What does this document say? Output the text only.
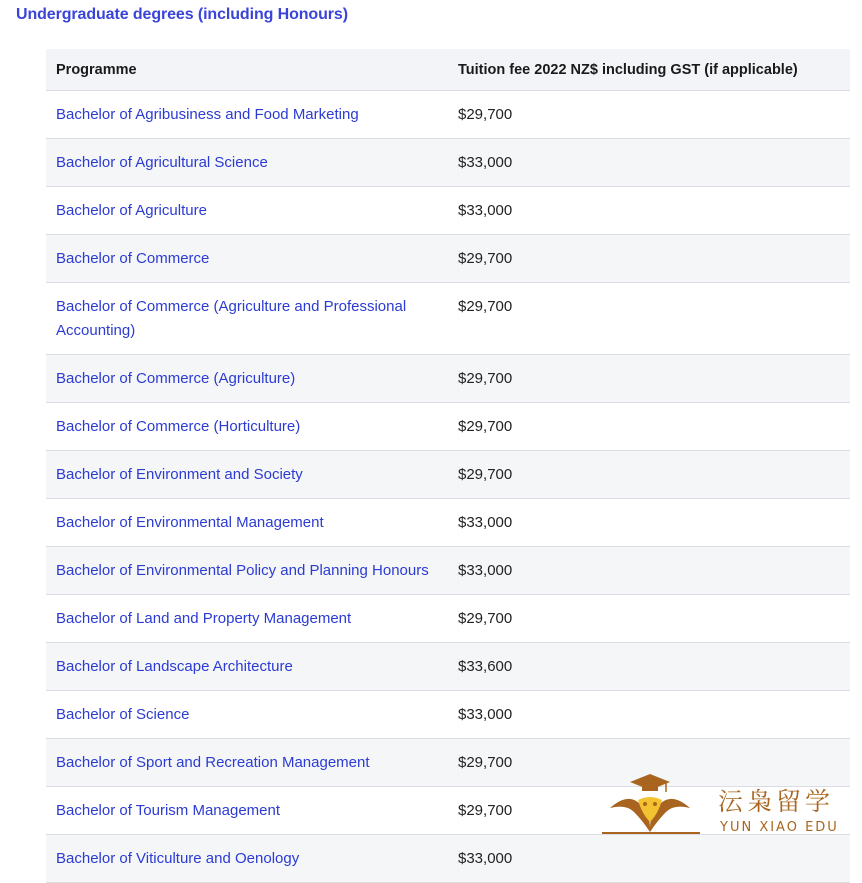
Undergraduate degrees (including Honours)
Programme	Tuition fee 2022 NZ$ including GST (if applicable)
Bachelor of Agribusiness and Food Marketing	$29,700
Bachelor of Agricultural Science	$33,000
Bachelor of Agriculture	$33,000
Bachelor of Commerce	$29,700
Bachelor of Commerce (Agriculture and Professional Accounting)	$29,700
Bachelor of Commerce (Agriculture)	$29,700
Bachelor of Commerce (Horticulture)	$29,700
Bachelor of Environment and Society	$29,700
Bachelor of Environmental Management	$33,000
Bachelor of Environmental Policy and Planning Honours	$33,000
Bachelor of Land and Property Management	$29,700
Bachelor of Landscape Architecture	$33,600
Bachelor of Science	$33,000
Bachelor of Sport and Recreation Management	$29,700
Bachelor of Tourism Management	$29,700
Bachelor of Viticulture and Oenology	$33,000
沄枭留学
YUN XIAO EDU
